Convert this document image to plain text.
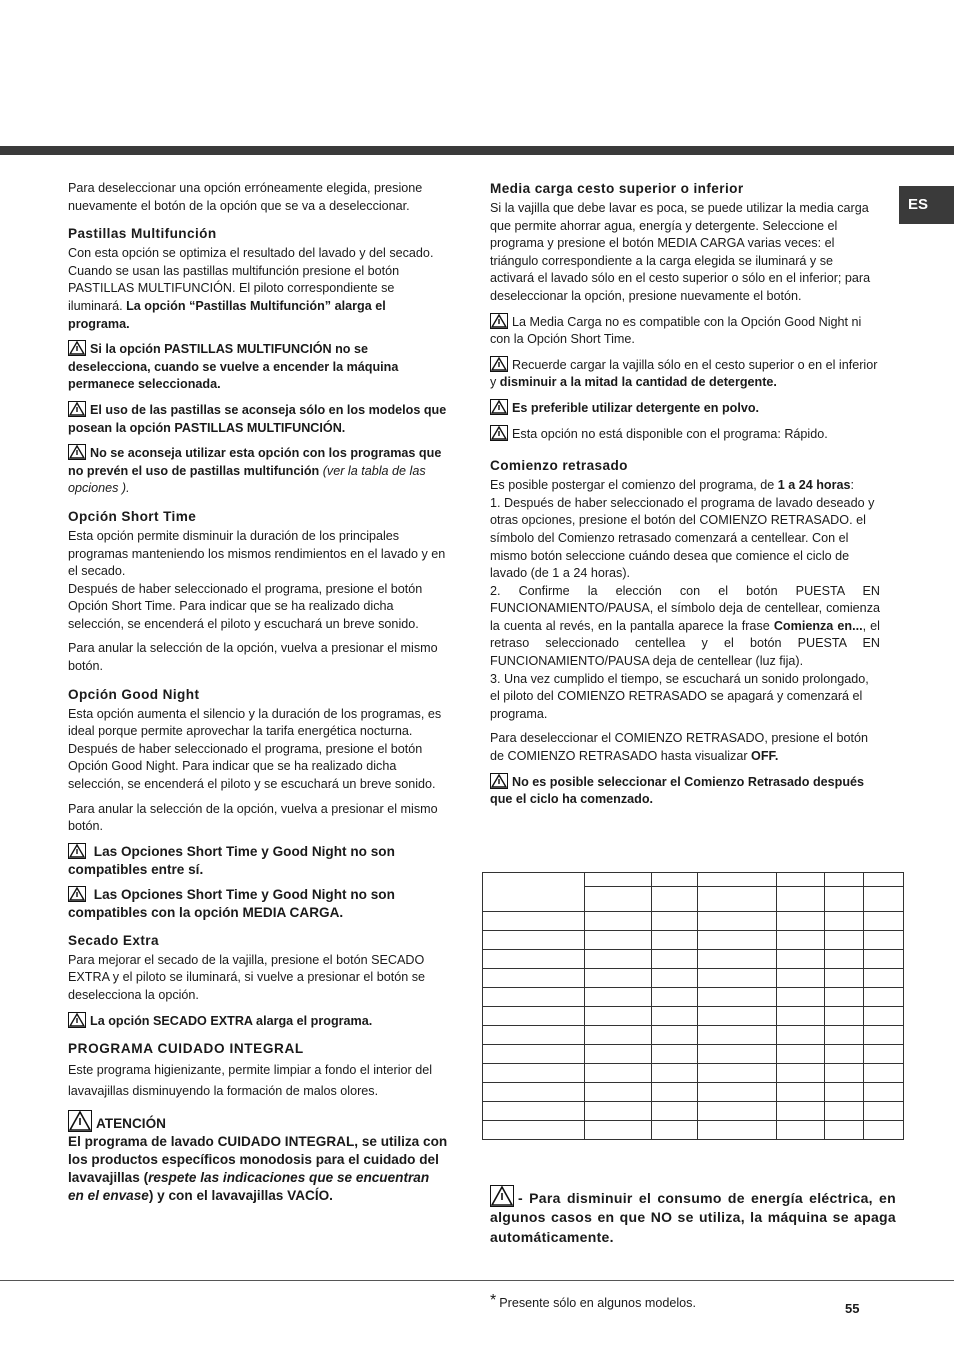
ES

Para deseleccionar una opción erróneamente elegida, presione nuevamente el botón de la opción que se va a deseleccionar.

Pastillas Multifunción

Con esta opción se optimiza el resultado del lavado y del secado.

Cuando se usan las pastillas multifunción presione el botón PASTILLAS MULTIFUNCIÓN. El piloto correspondiente se iluminará. La opción “Pastillas Multifunción” alarga el programa.

Si la opción PASTILLAS MULTIFUNCIÓN no se deselecciona, cuando se vuelve a encender la máquina permanece seleccionada.

El uso de las pastillas se aconseja sólo en los modelos que posean la opción PASTILLAS MULTIFUNCIÓN.

No se aconseja utilizar esta opción con los programas que no prevén el uso de pastillas multifunción (ver la tabla de las opciones ).

Opción Short Time

Esta opción permite disminuir la duración de los principales programas manteniendo los mismos rendimientos en el lavado y en el secado.

Después de haber seleccionado el programa, presione el botón Opción Short Time. Para indicar que se ha realizado dicha selección, se encenderá el piloto y escuchará un breve sonido.

Para anular la selección de la opción, vuelva a presionar el mismo botón.

Opción Good Night

Esta opción aumenta el silencio y la duración de los programas, es ideal porque permite aprovechar la tarifa energética nocturna.

Después de haber seleccionado el programa, presione el botón Opción Good Night. Para indicar que se ha realizado dicha selección, se encenderá el piloto y se escuchará un breve sonido.

Para anular la selección de la opción, vuelva a presionar el mismo botón.

Las Opciones Short Time y Good Night no son compatibles entre sí.

Las Opciones Short Time y Good Night no son compatibles con la opción MEDIA CARGA.

Secado Extra

Para mejorar el secado de la vajilla, presione el botón SECADO EXTRA y el piloto se iluminará, si vuelve a presionar el botón se deselecciona la opción.

La opción SECADO EXTRA alarga el programa.

PROGRAMA CUIDADO INTEGRAL

Este programa higienizante, permite limpiar a fondo el interior del lavavajillas disminuyendo la formación de malos olores.

ATENCIÓN

El programa de lavado CUIDADO INTEGRAL, se utiliza con los productos específicos monodosis para el cuidado del lavavajillas (respete las indicaciones que se encuentran en el envase) y con el lavavajillas VACÍO.

Media carga cesto superior o inferior

Si la vajilla que debe lavar es poca, se puede utilizar la media carga que permite ahorrar agua, energía y detergente. Seleccione el programa y presione el botón MEDIA CARGA varias veces: el triángulo correspondiente a la carga elegida se iluminará y se activará el lavado sólo en el cesto superior o sólo en el inferior; para deseleccionar la opción, presione nuevamente el botón.

La Media Carga no es compatible con la Opción Good Night ni con la Opción Short Time.

Recuerde cargar la vajilla sólo en el cesto superior o en el inferior y disminuir a la mitad la cantidad de detergente.

Es preferible utilizar detergente en polvo.

Esta opción no está disponible con el programa: Rápido.

Comienzo retrasado

Es posible postergar el comienzo del programa, de 1 a 24 horas:

1. Después de haber seleccionado el programa de lavado deseado y otras opciones, presione el botón del COMIENZO RETRASADO. el símbolo del Comienzo retrasado comenzará a centellear. Con el mismo botón seleccione cuándo desea que comience el ciclo de lavado (de 1 a 24 horas).

2. Confirme la elección con el botón PUESTA EN FUNCIONAMIENTO/PAUSA, el símbolo deja de centellear, comienza la cuenta al revés, en la pantalla aparece la frase Comienza en..., el retraso seleccionado centellea y el botón PUESTA EN FUNCIONAMIENTO/PAUSA deja de centellear (luz fija).

3. Una vez cumplido el tiempo, se escuchará un sonido prolongado, el piloto del COMIENZO RETRASADO se apagará y comenzará el programa.

Para deseleccionar el COMIENZO RETRASADO, presione el botón de COMIENZO RETRASADO hasta visualizar OFF.

No es posible seleccionar el Comienzo Retrasado después que el ciclo ha comenzado.

- Para disminuir el consumo de energía eléctrica, en algunos casos en que NO se utiliza, la máquina se apaga automáticamente.
* Presente sólo en algunos modelos.	55
